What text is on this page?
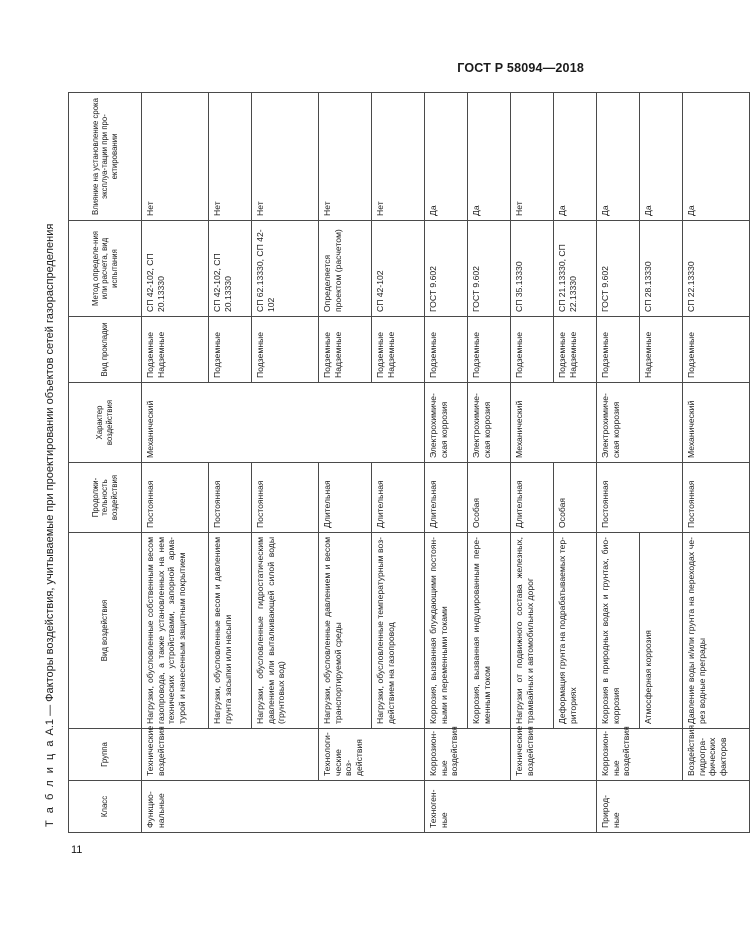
ГОСТ Р 58094—2018
Т а б л и ц а А.1 — Факторы воздействия, учитываемые при проектировании объектов сетей газораспределения
Класс	Группа	Вид воздействия	Продолжи-тельность воздействия	Характер воздействия	Вид прокладки	Метод определе-ния или расчета, вид испытания	Влияние на установление срока эксплуа-тации при про-ектировании
Функцио-нальные	Технические воздействия	Нагрузки, обусловленные собственным весом газопровода, а также установленных на нем технических устройствами, запорной арма-турой и нанесенным защитным покрытием	Постоянная	Механический	Подземные Надземные	СП 42-102, СП 20.13330	Нет
		Нагрузки, обусловленные весом и давлением грунта засыпки или насыпи	Постоянная		Подземные	СП 42-102, СП 20.13330	Нет
		Нагрузки, обусловленные гидростатическим давлением или выталкивающей силой воды (грунтовых вод)	Постоянная		Подземные	СП 62.13330, СП 42-102	Нет
	Технологи-ческие воз-действия	Нагрузки, обусловленные давлением и весом транспортируемой среды	Длительная		Подземные Надземные	Определяется проектом (расчетом)	Нет
		Нагрузки, обусловленные температурным воз-действием на газопровод	Длительная		Подземные Надземные	СП 42-102	Нет
Техноген-ные	Коррозион-ные воздействия	Коррозия, вызванная блуждающими постоян-ными и переменными токами	Длительная	Электрохимиче-ская коррозия	Подземные	ГОСТ 9.602	Да
		Коррозия, вызванная индуцированным пере-менным током	Особая	Электрохимиче-ская коррозия	Подземные	ГОСТ 9.602	Да
	Технические воздействия	Нагрузки от подвижного состава железных, трамвайных и автомобильных дорог	Длительная	Механический	Подземные	СП 35.13330	Нет
		Деформация грунта на подрабатываемых тер-риториях	Особая		Подземные Надземные	СП 21.13330, СП 22.13330	Да
Природ-ные	Коррозион-ные воздействия	Коррозия в природных водах и грунтах, био-коррозия	Постоянная	Электрохимиче-ская коррозия	Подземные	ГОСТ 9.602	Да
		Атмосферная коррозия			Надземные	СП 28.13330	Да
	Воздействия гидрогра-фических факторов	Давление воды и/или грунта на переходах че-рез водные преграды	Постоянная	Механический	Подземные	СП 22.13330	Да
11
